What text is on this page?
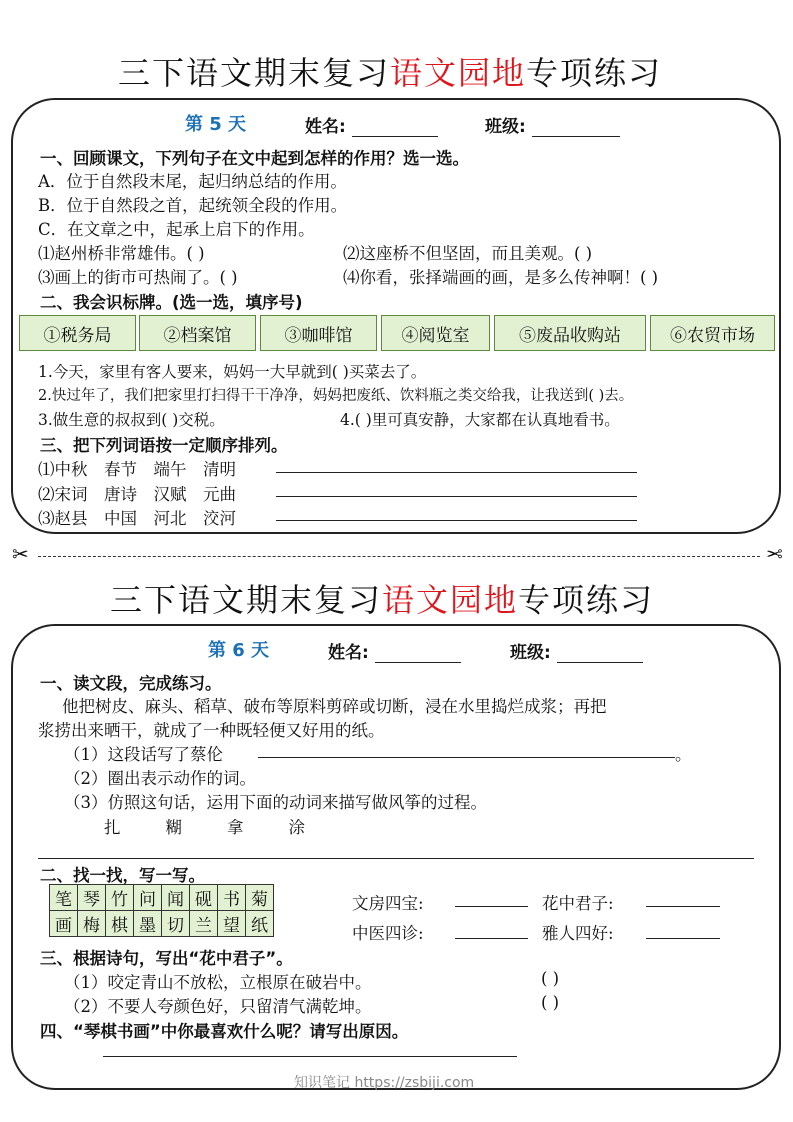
三下语文期末复习语文园地专项练习
第 5 天	姓名:	班级:
一、回顾课文，下列句子在文中起到怎样的作用？选一选。
A．位于自然段末尾，起归纳总结的作用。
B．位于自然段之首，起统领全段的作用。
C．在文章之中，起承上启下的作用。
⑴赵州桥非常雄伟。( )	⑵这座桥不但坚固，而且美观。( )
⑶画上的街市可热闹了。( )	⑷你看，张择端画的画，是多么传神啊！( )
二、我会识标牌。(选一选，填序号)
①税务局	②档案馆	③咖啡馆	④阅览室	⑤废品收购站	⑥农贸市场
1.今天，家里有客人要来，妈妈一大早就到( )买菜去了。
2.快过年了，我们把家里打扫得干干净净，妈妈把废纸、饮料瓶之类交给我，让我送到( )去。
3.做生意的叔叔到( )交税。	4.( )里可真安静，大家都在认真地看书。
三、把下列词语按一定顺序排列。
⑴中秋　春节　端午　清明
⑵宋词　唐诗　汉赋　元曲
⑶赵县　中国　河北　洨河
✂	✂
三下语文期末复习语文园地专项练习
第 6 天	姓名:	班级:
一、读文段，完成练习。
他把树皮、麻头、稻草、破布等原料剪碎或切断，浸在水里捣烂成浆；再把
浆捞出来晒干，就成了一种既轻便又好用的纸。
（1）这段话写了蔡伦	。
（2）圈出表示动作的词。
（3）仿照这句话，运用下面的动词来描写做风筝的过程。
扎　　糊　　拿　　涂
二、找一找，写一写。
笔	琴	竹	问	闻	砚	书	菊
画	梅	棋	墨	切	兰	望	纸
文房四宝:	花中君子:
中医四诊:	雅人四好:
三、根据诗句，写出“花中君子”。
（1）咬定青山不放松，立根原在破岩中。	( )
（2）不要人夸颜色好，只留清气满乾坤。	( )
四、“琴棋书画”中你最喜欢什么呢？请写出原因。
知识笔记 https://zsbiji.com
